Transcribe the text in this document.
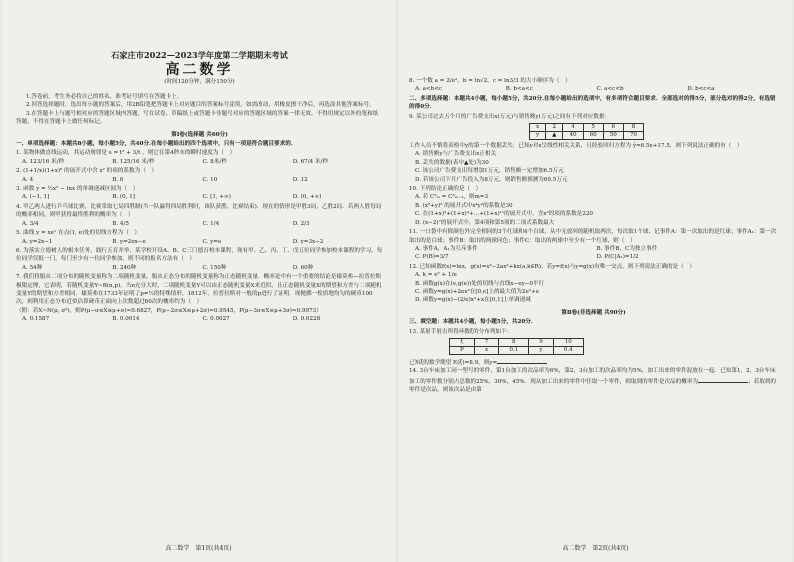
石家庄市2022—2023学年度第二学期期末考试
高二数学
(时间120分钟，满分150分)

1.答卷前，考生务必将自己的姓名、准考证号填写在答题卡上。

2.回答选择题时，选出每小题的答案后，用2B铅笔把答题卡上对应题目的答案标号涂黑。如需改动，用橡皮擦干净后，再选涂其他答案标号。

3.在答题卡上与题号相对应的答题区域内答题，写在试卷、草稿纸上或答题卡非题号对应的答题区域的答案一律无效。不得用规定以外的笔和纸答题，不得在答题卡上做任何标记。

第Ⅰ卷(选择题 共60分)
一、单项选择题：本题共8小题，每小题5分，共40分.在每小题给出的四个选项中，只有一项是符合题目要求的.

1. 某物体做直线运动，其运动规律是 s = t² + 3/t ，则它在第4秒末的瞬时速度为（　）

A. 123/16 米/秒	B. 125/16 米/秒	C. 8米/秒	D. 67/4 米/秒

2. (1+1/x)(1+x)⁶ 的展开式中含 x² 的项的系数为（　）

A. 4	B. 6	C. 10	D. 12

3. 函数 y = ½x² − lnx 的单调递减区间为（　）

A. (−1, 1]	B. (0, 1]	C. [1, +∞)	D. (0, +∞)

4. 甲乙两人进行乒乓球比赛，比赛采取七局四胜制(当一队赢得四局胜利时，该队获胜，比赛结束)．现在的情形是甲胜3局，乙胜2局．若两人胜每局的概率相同，则甲获得最终胜利的概率为（　）

A. 3/4	B. 4/5	C. 1/4	D. 2/3

5. 曲线 y = xeˣ 在点(1, e)处的切线方程为（　）

A. y=2x−1	B. y=2ex−e	C. y=e	D. y=3x−2

6. 为落实立德树人的根本任务，践行五育并举，某学校开设A、B、C三门德育校本课程，现有甲、乙、丙、丁、戊五位同学参加校本课程的学习，每位同学仅报一门，每门至少有一位同学参加，则不同的报名方法有（　）

A. 54种	B. 240种	C. 150种	D. 60种

7. 我们将服从二项分布的随机变量称为二项随机变量，服从正态分布的随机变量称为正态随机变量．概率论中有一个重要的结论是棣莫弗—拉普拉斯极限定理，它表明，若随机变量Y~B(n,p)，当n充分大时，二项随机变量Y可以由正态随机变量X来近似，且正态随机变量X的期望和方差与二项随机变量Y的期望和方差相同．棣莫弗在1733年证明了p=½的特殊情形，1812年，拉普拉斯对一般的p进行了证明．现抛掷一枚质地均匀的硬币100次，则利用正态分布近似估算硬币正面向上次数超过60次的概率约为（　）

（附：若X~N(μ, σ²)，则P(μ−σ≤X≤μ+σ)≈0.6827，P(μ−2σ≤X≤μ+2σ)≈0.9545，P(μ−3σ≤X≤μ+3σ)≈0.9973）

A. 0.1587	B. 0.0014	C. 0.0027	D. 0.0228
高二数学　第1页(共4页)

8. 一个数 a = 2/e²，b = ln√2，c = ln3/3 的大小顺序为（　）

A. a<b<c	B. b<a<c	C. a<c<b	D. b<c<a
二、多项选择题：本题共4小题，每小题5分，共20分.在每小题给出的选项中，有多项符合题目要求．全部选对的得5分，部分选对的得2分，有选错的得0分．

9. 某公司过去五个月的广告费支出x(万元)与销售额y(万元)之间有下列对应数据：

x	2	4	5	6	8
y	▲	40	60	50	70

工作人员不慎将表格中y的第一个数据丢失．已知y对x呈线性相关关系，且经验回归方程为 ŷ=6.5x+17.5，则下列说法正确的有（　）

A. 销售额y与广告费支出x正相关
B. 丢失的数据(表中▲处)为30
C. 该公司广告费支出每增加1万元，销售额一定增加6.5万元
D. 若该公司下月广告投入为8万元，则销售额预测为69.5万元

10. 下列结论正确的是（　）

A. 若 C²ₘ = C³ₘ₋₁，则m=3
B. (x²+y)⁵ 的展开式中x⁴y³的系数是30
C. 在(1+x)³+(1+x)⁴+…+(1+x)¹¹的展开式中，含x²的项的系数是220
D. (x−2)⁷的展开式中，第4项和第5项的二项式系数最大

11. 一口袋中有除颜色外完全相同的3个红球和4个白球，从中无放回的随机取两次，每次取1个球，记事件A：第一次取出的是红球；事件A₁：第一次取出的是白球；事件B：取出的两球同色；事件C：取出的两球中至少有一个红球，则（　）

A. 事件A，A₁为互斥事件	B. 事件B，C为独立事件
C. P(B)=3/7	D. P(C|A₁)=1/2

12. 已知函数f(x)=lnx，g(x)=x³−2ax²+kx(a,k∈R)，若y=f(x)与y=g(x)有唯一交点，则下列说法正确的是（　）

A. k = e² + 1/e
B. 函数g(x)在(e,g(e))处的切线与直线x−ey−0平行
C. 函数y=g(x)+2ex²在[0,e]上的最大值为2e²+e
D. 函数y=g(x)−(2/e)x²+x在[0,1]上单调递减
第Ⅱ卷(非选择题 共90分)
三、填空题：本题共4小题，每小题5分，共20分．

13. 某射手射击所得环数ξ的分布列如下：

ξ	7	8	9	10
P	x	0.1	y	0.4

已知ξ的数学期望 E(ξ)=8.9，则y=

14. 3台车床加工同一型号的零件，第1台加工的次品率为6%，第2，3台加工的次品率均为5%，加工出来的零件混放在一起．已知第1，2，3台车床加工的零件数分别占总数的25%，30%，45%．现从加工出来的零件中任取一个零件，则取到的零件是次品的概率为	；若取到的零件是次品，则该次品是由第

高二数学　第2页(共4页)
